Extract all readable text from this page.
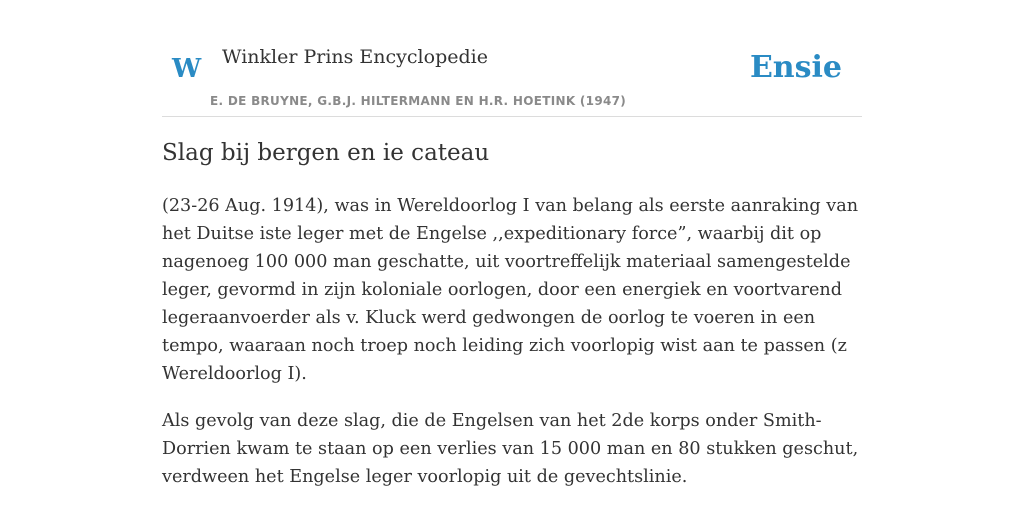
W Winkler Prins Encyclopedie
E. DE BRUYNE, G.B.J. HILTERMANN EN H.R. HOETINK (1947)
Ensie
Slag bij bergen en ie cateau

(23-26 Aug. 1914), was in Wereldoorlog I van belang als eerste aanraking van het Duitse iste leger met de Engelse ,,expeditionary force”, waarbij dit op nagenoeg 100 000 man geschatte, uit voortreffelijk materiaal samengestelde leger, gevormd in zijn koloniale oorlogen, door een energiek en voortvarend legeraanvoerder als v. Kluck werd gedwongen de oorlog te voeren in een tempo, waaraan noch troep noch leiding zich voorlopig wist aan te passen (z Wereldoorlog I).

Als gevolg van deze slag, die de Engelsen van het 2de korps onder Smith-Dorrien kwam te staan op een verlies van 15 000 man en 80 stukken geschut, verdween het Engelse leger voorlopig uit de gevechtslinie.
